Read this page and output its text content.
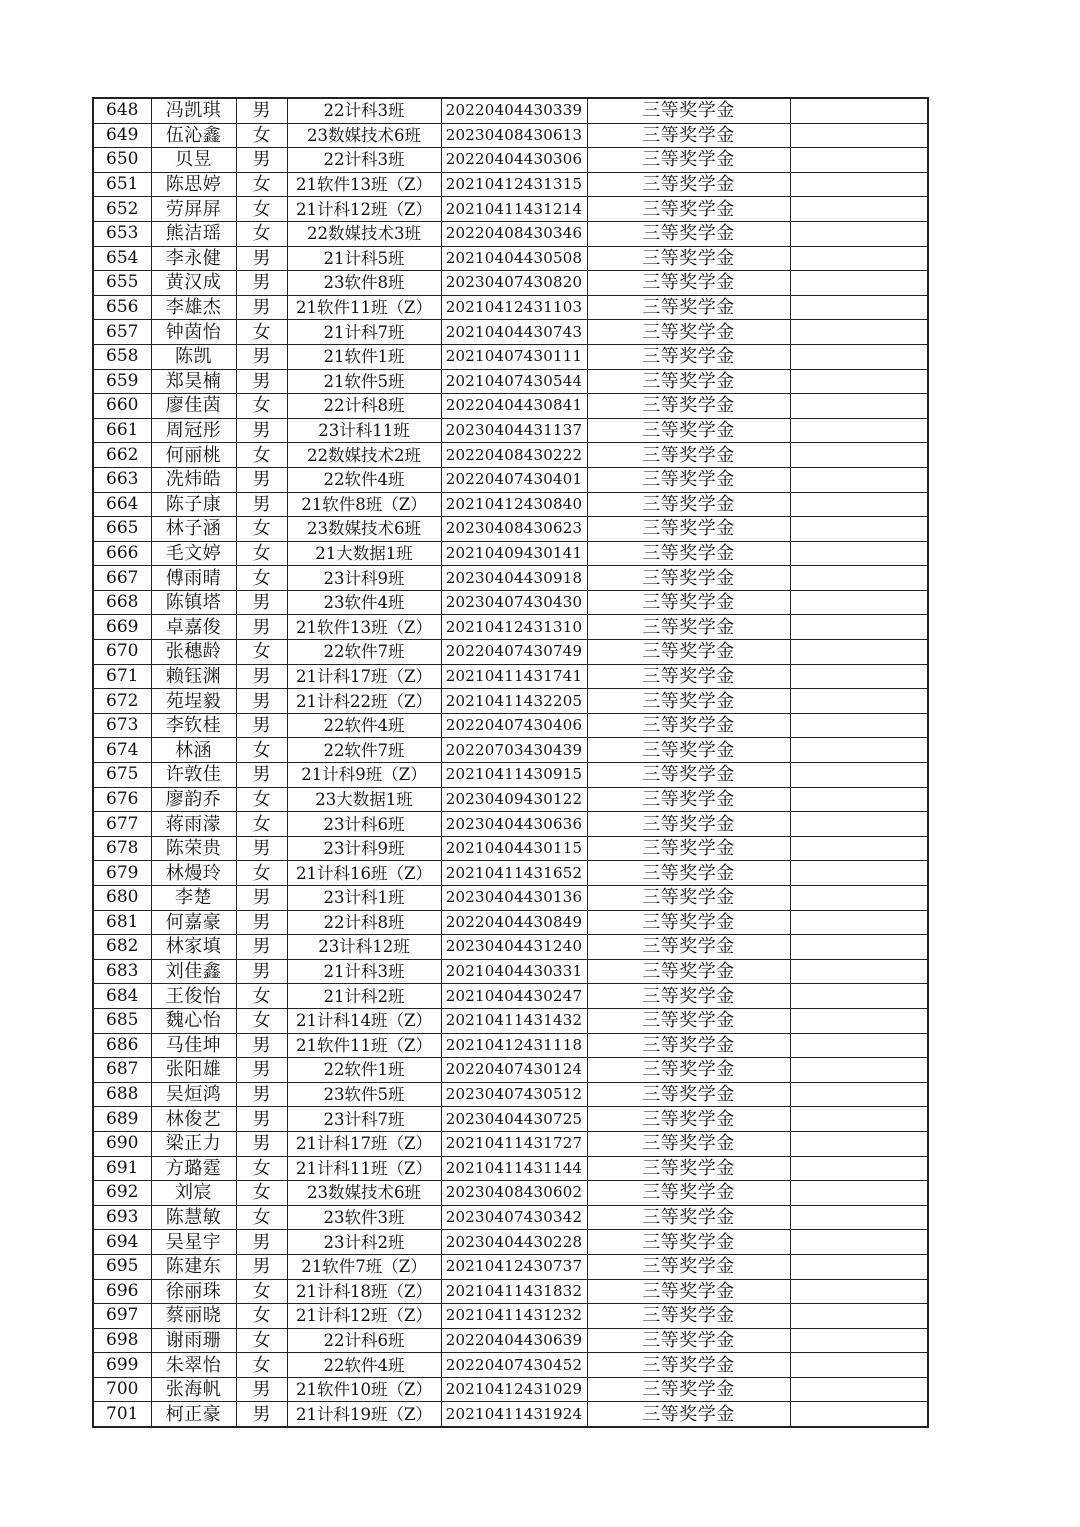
648	冯凯琪	男	22计科3班	20220404430339	三等奖学金	
649	伍沁鑫	女	23数媒技术6班	20230408430613	三等奖学金	
650	贝昱	男	22计科3班	20220404430306	三等奖学金	
651	陈思婷	女	21软件13班（Z）	20210412431315	三等奖学金	
652	劳屏屏	女	21计科12班（Z）	20210411431214	三等奖学金	
653	熊洁瑶	女	22数媒技术3班	20220408430346	三等奖学金	
654	李永健	男	21计科5班	20210404430508	三等奖学金	
655	黄汉成	男	23软件8班	20230407430820	三等奖学金	
656	李雄杰	男	21软件11班（Z）	20210412431103	三等奖学金	
657	钟茵怡	女	21计科7班	20210404430743	三等奖学金	
658	陈凯	男	21软件1班	20210407430111	三等奖学金	
659	郑昊楠	男	21软件5班	20210407430544	三等奖学金	
660	廖佳茵	女	22计科8班	20220404430841	三等奖学金	
661	周冠彤	男	23计科11班	20230404431137	三等奖学金	
662	何丽桃	女	22数媒技术2班	20220408430222	三等奖学金	
663	冼炜皓	男	22软件4班	20220407430401	三等奖学金	
664	陈子康	男	21软件8班（Z）	20210412430840	三等奖学金	
665	林子涵	女	23数媒技术6班	20230408430623	三等奖学金	
666	毛文婷	女	21大数据1班	20210409430141	三等奖学金	
667	傅雨晴	女	23计科9班	20230404430918	三等奖学金	
668	陈镇塔	男	23软件4班	20230407430430	三等奖学金	
669	卓嘉俊	男	21软件13班（Z）	20210412431310	三等奖学金	
670	张穗龄	女	22软件7班	20220407430749	三等奖学金	
671	赖钰渊	男	21计科17班（Z）	20210411431741	三等奖学金	
672	苑埕毅	男	21计科22班（Z）	20210411432205	三等奖学金	
673	李钦桂	男	22软件4班	20220407430406	三等奖学金	
674	林涵	女	22软件7班	20220703430439	三等奖学金	
675	许敦佳	男	21计科9班（Z）	20210411430915	三等奖学金	
676	廖韵乔	女	23大数据1班	20230409430122	三等奖学金	
677	蒋雨濛	女	23计科6班	20230404430636	三等奖学金	
678	陈荣贵	男	23计科9班	20210404430115	三等奖学金	
679	林熳玲	女	21计科16班（Z）	20210411431652	三等奖学金	
680	李楚	男	23计科1班	20230404430136	三等奖学金	
681	何嘉豪	男	22计科8班	20220404430849	三等奖学金	
682	林家填	男	23计科12班	20230404431240	三等奖学金	
683	刘佳鑫	男	21计科3班	20210404430331	三等奖学金	
684	王俊怡	女	21计科2班	20210404430247	三等奖学金	
685	魏心怡	女	21计科14班（Z）	20210411431432	三等奖学金	
686	马佳坤	男	21软件11班（Z）	20210412431118	三等奖学金	
687	张阳雄	男	22软件1班	20220407430124	三等奖学金	
688	吴烜鸿	男	23软件5班	20230407430512	三等奖学金	
689	林俊艺	男	23计科7班	20230404430725	三等奖学金	
690	梁正力	男	21计科17班（Z）	20210411431727	三等奖学金	
691	方璐霆	女	21计科11班（Z）	20210411431144	三等奖学金	
692	刘宸	女	23数媒技术6班	20230408430602	三等奖学金	
693	陈慧敏	女	23软件3班	20230407430342	三等奖学金	
694	吴星宇	男	23计科2班	20230404430228	三等奖学金	
695	陈建东	男	21软件7班（Z）	20210412430737	三等奖学金	
696	徐丽珠	女	21计科18班（Z）	20210411431832	三等奖学金	
697	蔡丽晓	女	21计科12班（Z）	20210411431232	三等奖学金	
698	谢雨珊	女	22计科6班	20220404430639	三等奖学金	
699	朱翠怡	女	22软件4班	20220407430452	三等奖学金	
700	张海帆	男	21软件10班（Z）	20210412431029	三等奖学金	
701	柯正豪	男	21计科19班（Z）	20210411431924	三等奖学金	
